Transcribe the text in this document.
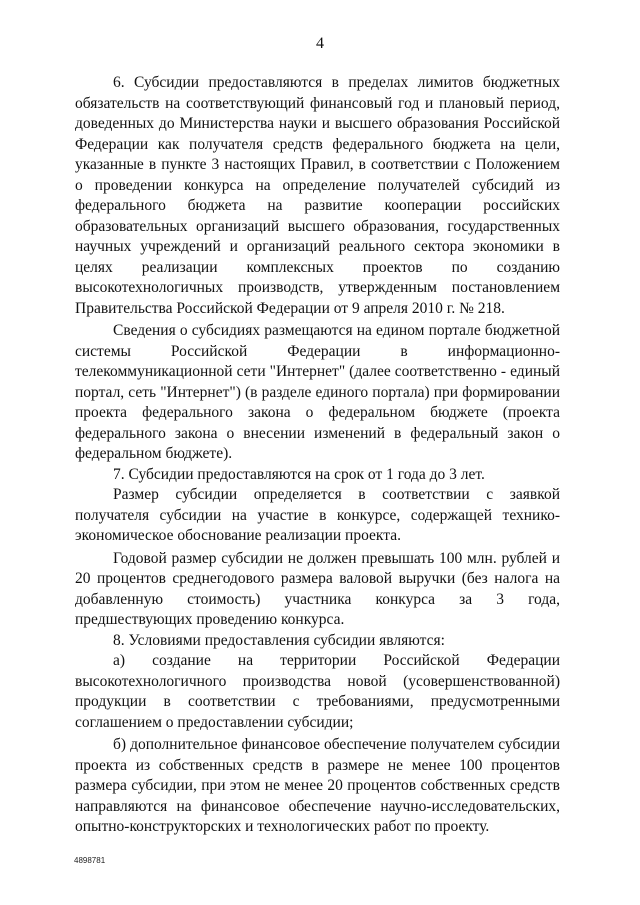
4

6. Субсидии предоставляются в пределах лимитов бюджетных обязательств на соответствующий финансовый год и плановый период, доведенных до Министерства науки и высшего образования Российской Федерации как получателя средств федерального бюджета на цели, указанные в пункте 3 настоящих Правил, в соответствии с Положением о проведении конкурса на определение получателей субсидий из федерального бюджета на развитие кооперации российских образовательных организаций высшего образования, государственных научных учреждений и организаций реального сектора экономики в целях реализации комплексных проектов по созданию высокотехнологичных производств, утвержденным постановлением Правительства Российской Федерации от 9 апреля 2010 г. № 218.

Сведения о субсидиях размещаются на едином портале бюджетной системы Российской Федерации в информационно-телекоммуникационной сети "Интернет" (далее соответственно - единый портал, сеть "Интернет") (в разделе единого портала) при формировании проекта федерального закона о федеральном бюджете (проекта федерального закона о внесении изменений в федеральный закон о федеральном бюджете).

7. Субсидии предоставляются на срок от 1 года до 3 лет.

Размер субсидии определяется в соответствии с заявкой получателя субсидии на участие в конкурсе, содержащей технико-экономическое обоснование реализации проекта.

Годовой размер субсидии не должен превышать 100 млн. рублей и 20 процентов среднегодового размера валовой выручки (без налога на добавленную стоимость) участника конкурса за 3 года, предшествующих проведению конкурса.

8. Условиями предоставления субсидии являются:

а) создание на территории Российской Федерации высокотехнологичного производства новой (усовершенствованной) продукции в соответствии с требованиями, предусмотренными соглашением о предоставлении субсидии;

б) дополнительное финансовое обеспечение получателем субсидии проекта из собственных средств в размере не менее 100 процентов размера субсидии, при этом не менее 20 процентов собственных средств направляются на финансовое обеспечение научно-исследовательских, опытно-конструкторских и технологических работ по проекту.

4898781
